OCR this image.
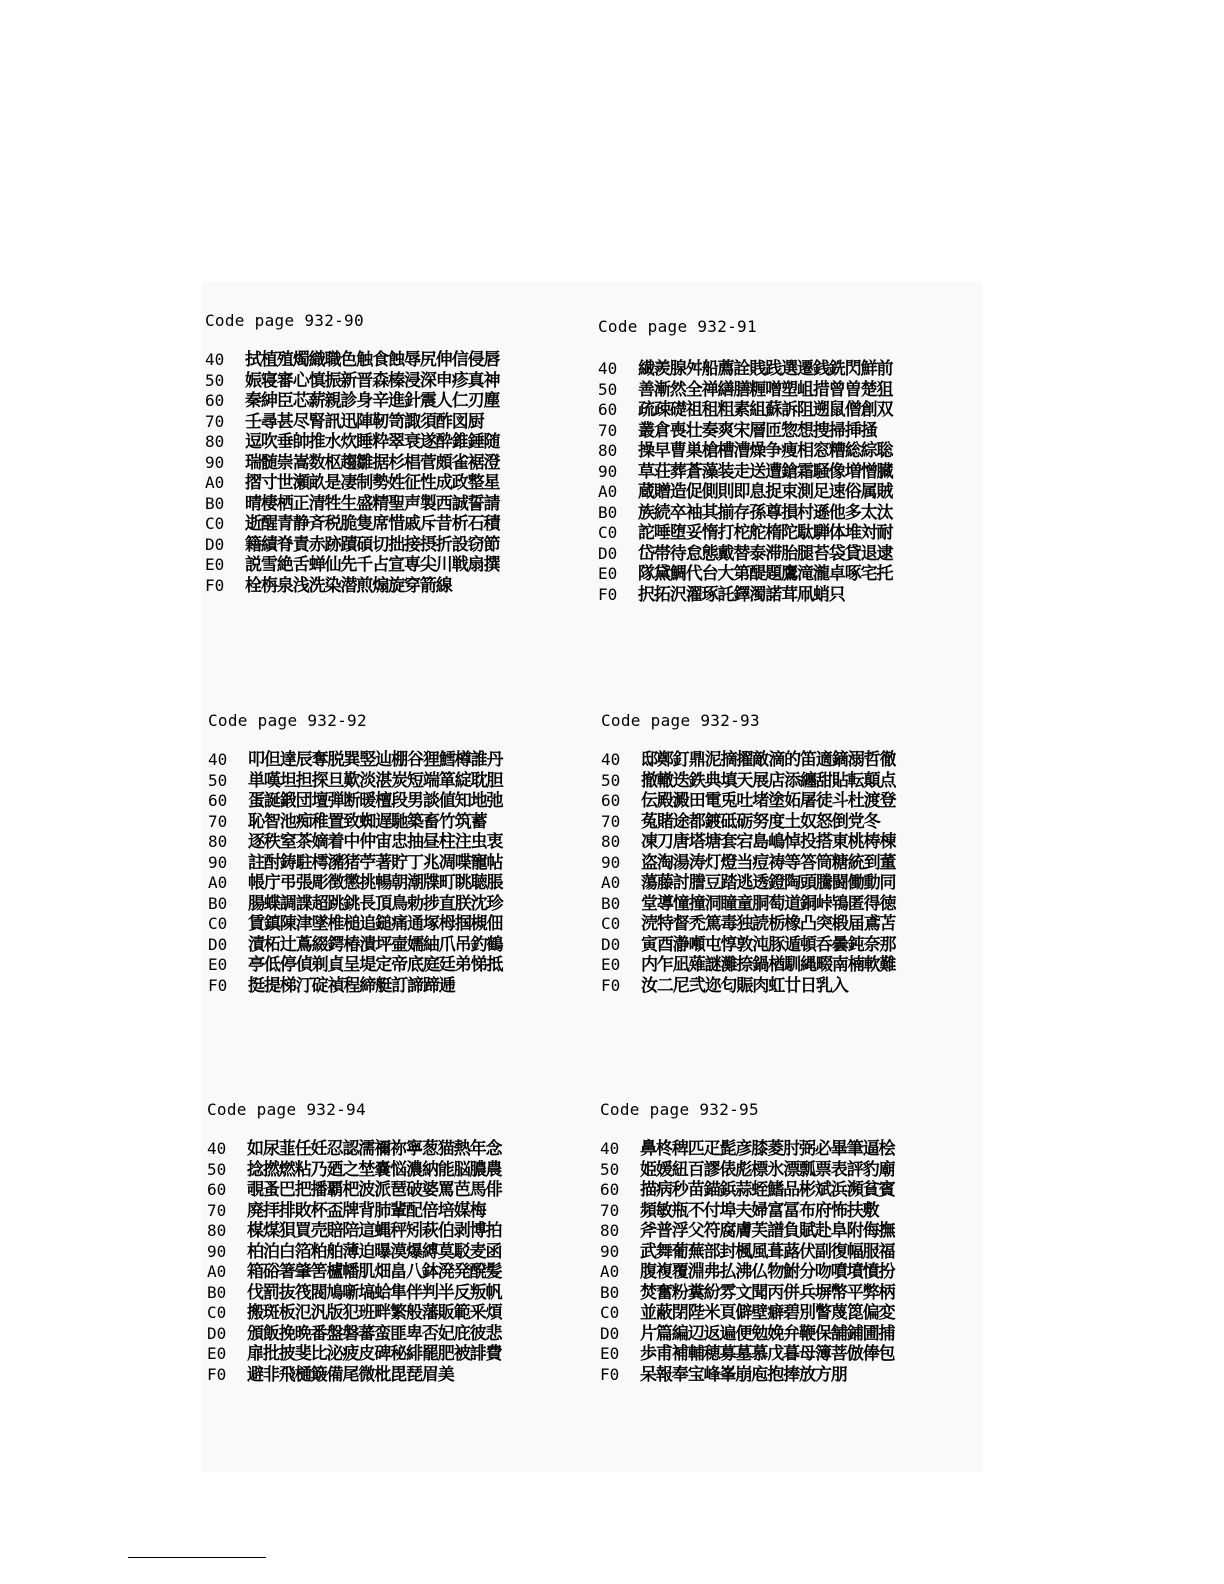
Code page 932-90
40	拭植殖燭織職色触食蝕辱尻伸信侵唇
50	娠寝審心慎振新晋森榛浸深申疹真神
60	秦紳臣芯薪親診身辛進針震人仁刃塵
70	壬尋甚尽腎訊迅陣靭笥諏須酢図厨
80	逗吹垂帥推水炊睡粋翠衰遂酔錐錘随
90	瑞髄崇嵩数枢趨雛据杉椙菅頗雀裾澄
A0	摺寸世瀬畝是凄制勢姓征性成政整星
B0	晴棲栖正清牲生盛精聖声製西誠誓請
C0	逝醒青静斉税脆隻席惜戚斥昔析石積
D0	籍績脊責赤跡蹟碩切拙接摂折設窃節
E0	説雪絶舌蝉仙先千占宣専尖川戦扇撰
F0	栓栴泉浅洗染潜煎煽旋穿箭線
Code page 932-91
40	繊羨腺舛船薦詮賎践選遷銭銑閃鮮前
50	善漸然全禅繕膳糎噌塑岨措曾曽楚狙
60	疏疎礎祖租粗素組蘇訴阻遡鼠僧創双
70	叢倉喪壮奏爽宋層匝惣想捜掃挿掻
80	操早曹巣槍槽漕燥争痩相窓糟総綜聡
90	草荘葬蒼藻装走送遭鎗霜騒像増憎臓
A0	蔵贈造促側則即息捉束測足速俗属賊
B0	族続卒袖其揃存孫尊損村遜他多太汰
C0	詑唾堕妥惰打柁舵楕陀駄騨体堆対耐
D0	岱帯待怠態戴替泰滞胎腿苔袋貸退逮
E0	隊黛鯛代台大第醍題鷹滝瀧卓啄宅托
F0	択拓沢濯琢託鐸濁諾茸凧蛸只
Code page 932-92
40	叩但達辰奪脱巽竪辿棚谷狸鱈樽誰丹
50	単嘆坦担探旦歎淡湛炭短端箪綻耽胆
60	蛋誕鍛団壇弾断暖檀段男談値知地弛
70	恥智池痴稚置致蜘遅馳築畜竹筑蓄
80	逐秩窒茶嫡着中仲宙忠抽昼柱注虫衷
90	註酎鋳駐樗瀦猪苧著貯丁兆凋喋寵帖
A0	帳庁弔張彫徴懲挑暢朝潮牒町眺聴脹
B0	腸蝶調諜超跳銚長頂鳥勅捗直朕沈珍
C0	賃鎮陳津墜椎槌追鎚痛通塚栂掴槻佃
D0	漬柘辻蔦綴鍔椿潰坪壷嬬紬爪吊釣鶴
E0	亭低停偵剃貞呈堤定帝底庭廷弟悌抵
F0	挺提梯汀碇禎程締艇訂諦蹄逓
Code page 932-93
40	邸鄭釘鼎泥摘擢敵滴的笛適鏑溺哲徹
50	撤轍迭鉄典填天展店添纏甜貼転顛点
60	伝殿澱田電兎吐堵塗妬屠徒斗杜渡登
70	菟賭途都鍍砥砺努度土奴怒倒党冬
80	凍刀唐塔塘套宕島嶋悼投搭東桃梼棟
90	盗淘湯涛灯燈当痘祷等答筒糖統到董
A0	蕩藤討謄豆踏逃透鐙陶頭騰闘働動同
B0	堂導憧撞洞瞳童胴萄道銅峠鴇匿得徳
C0	涜特督禿篤毒独読栃橡凸突椴届鳶苫
D0	寅酉瀞噸屯惇敦沌豚遁頓呑曇鈍奈那
E0	内乍凪薙謎灘捺鍋楢馴縄畷南楠軟難
F0	汝二尼弐迩匂賑肉虹廿日乳入
Code page 932-94
40	如尿韮任妊忍認濡禰祢寧葱猫熱年念
50	捻撚燃粘乃廼之埜嚢悩濃納能脳膿農
60	覗蚤巴把播覇杷波派琶破婆罵芭馬俳
70	廃拝排敗杯盃牌背肺輩配倍培媒梅
80	楳煤狽買売賠陪這蝿秤矧萩伯剥博拍
90	柏泊白箔粕舶薄迫曝漠爆縛莫駁麦函
A0	箱硲箸肇筈櫨幡肌畑畠八鉢溌発醗髪
B0	伐罰抜筏閥鳩噺塙蛤隼伴判半反叛帆
C0	搬斑板氾汎版犯班畔繁般藩販範釆煩
D0	頒飯挽晩番盤磐蕃蛮匪卑否妃庇彼悲
E0	扉批披斐比泌疲皮碑秘緋罷肥被誹費
F0	避非飛樋簸備尾微枇毘琵眉美
Code page 932-95
40	鼻柊稗匹疋髭彦膝菱肘弼必畢筆逼桧
50	姫媛紐百謬俵彪標氷漂瓢票表評豹廟
60	描病秒苗錨鋲蒜蛭鰭品彬斌浜瀕貧賓
70	頻敏瓶不付埠夫婦富冨布府怖扶敷
80	斧普浮父符腐膚芙譜負賦赴阜附侮撫
90	武舞葡蕪部封楓風葺蕗伏副復幅服福
A0	腹複覆淵弗払沸仏物鮒分吻噴墳憤扮
B0	焚奮粉糞紛雰文聞丙併兵塀幣平弊柄
C0	並蔽閉陛米頁僻壁癖碧別瞥蔑箆偏変
D0	片篇編辺返遍便勉娩弁鞭保舗鋪圃捕
E0	歩甫補輔穂募墓慕戊暮母簿菩倣俸包
F0	呆報奉宝峰峯崩庖抱捧放方朋
